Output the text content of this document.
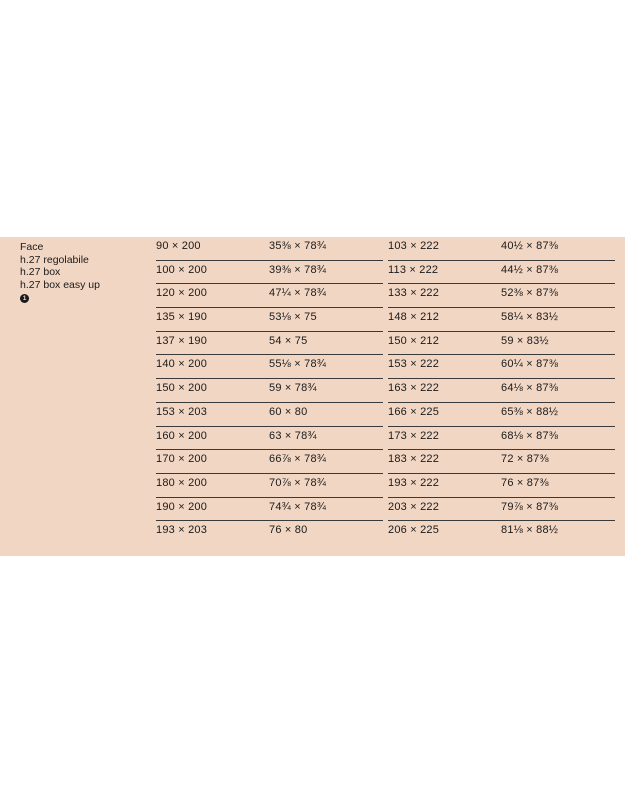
Face
h.27 regolabile
h.27 box
h.27 box easy up
1
90 × 200	35⅜ × 78¾
100 × 200	39⅜ × 78¾
120 × 200	47¼ × 78¾
135 × 190	53⅛ × 75
137 × 190	54 × 75
140 × 200	55⅛ × 78¾
150 × 200	59 × 78¾
153 × 203	60 × 80
160 × 200	63 × 78¾
170 × 200	66⅞ × 78¾
180 × 200	70⅞ × 78¾
190 × 200	74¾ × 78¾
193 × 203	76 × 80
103 × 222	40½ × 87⅜
113 × 222	44½ × 87⅜
133 × 222	52⅜ × 87⅜
148 × 212	58¼ × 83½
150 × 212	59 × 83½
153 × 222	60¼ × 87⅜
163 × 222	64⅛ × 87⅜
166 × 225	65⅜ × 88½
173 × 222	68⅛ × 87⅜
183 × 222	72 × 87⅜
193 × 222	76 × 87⅜
203 × 222	79⅞ × 87⅜
206 × 225	81⅛ × 88½
